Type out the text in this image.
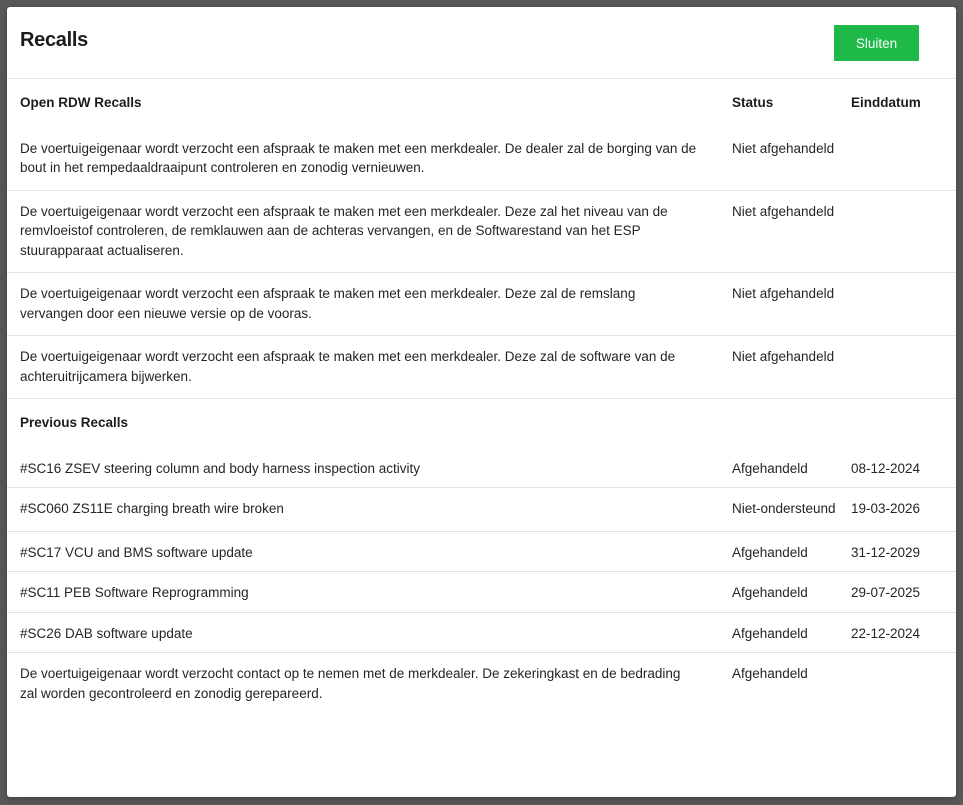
Recalls	Sluiten
Open RDW Recalls	Status	Einddatum
De voertuigeigenaar wordt verzocht een afspraak te maken met een merkdealer. De dealer zal de borging van de bout in het rempedaaldraaipunt controleren en zonodig vernieuwen.	Niet afgehandeld	
De voertuigeigenaar wordt verzocht een afspraak te maken met een merkdealer. Deze zal het niveau van de remvloeistof controleren, de remklauwen aan de achteras vervangen, en de Softwarestand van het ESP stuurapparaat actualiseren.	Niet afgehandeld	
De voertuigeigenaar wordt verzocht een afspraak te maken met een merkdealer. Deze zal de remslang vervangen door een nieuwe versie op de vooras.	Niet afgehandeld	
De voertuigeigenaar wordt verzocht een afspraak te maken met een merkdealer. Deze zal de software van de achteruitrijcamera bijwerken.	Niet afgehandeld	
Previous Recalls		
#SC16 ZSEV steering column and body harness inspection activity	Afgehandeld	08-12-2024
#SC060 ZS11E charging breath wire broken	Niet-ondersteund	19-03-2026
#SC17 VCU and BMS software update	Afgehandeld	31-12-2029
#SC11 PEB Software Reprogramming	Afgehandeld	29-07-2025
#SC26 DAB software update	Afgehandeld	22-12-2024
De voertuigeigenaar wordt verzocht contact op te nemen met de merkdealer. De zekeringkast en de bedrading zal worden gecontroleerd en zonodig gerepareerd.	Afgehandeld	
